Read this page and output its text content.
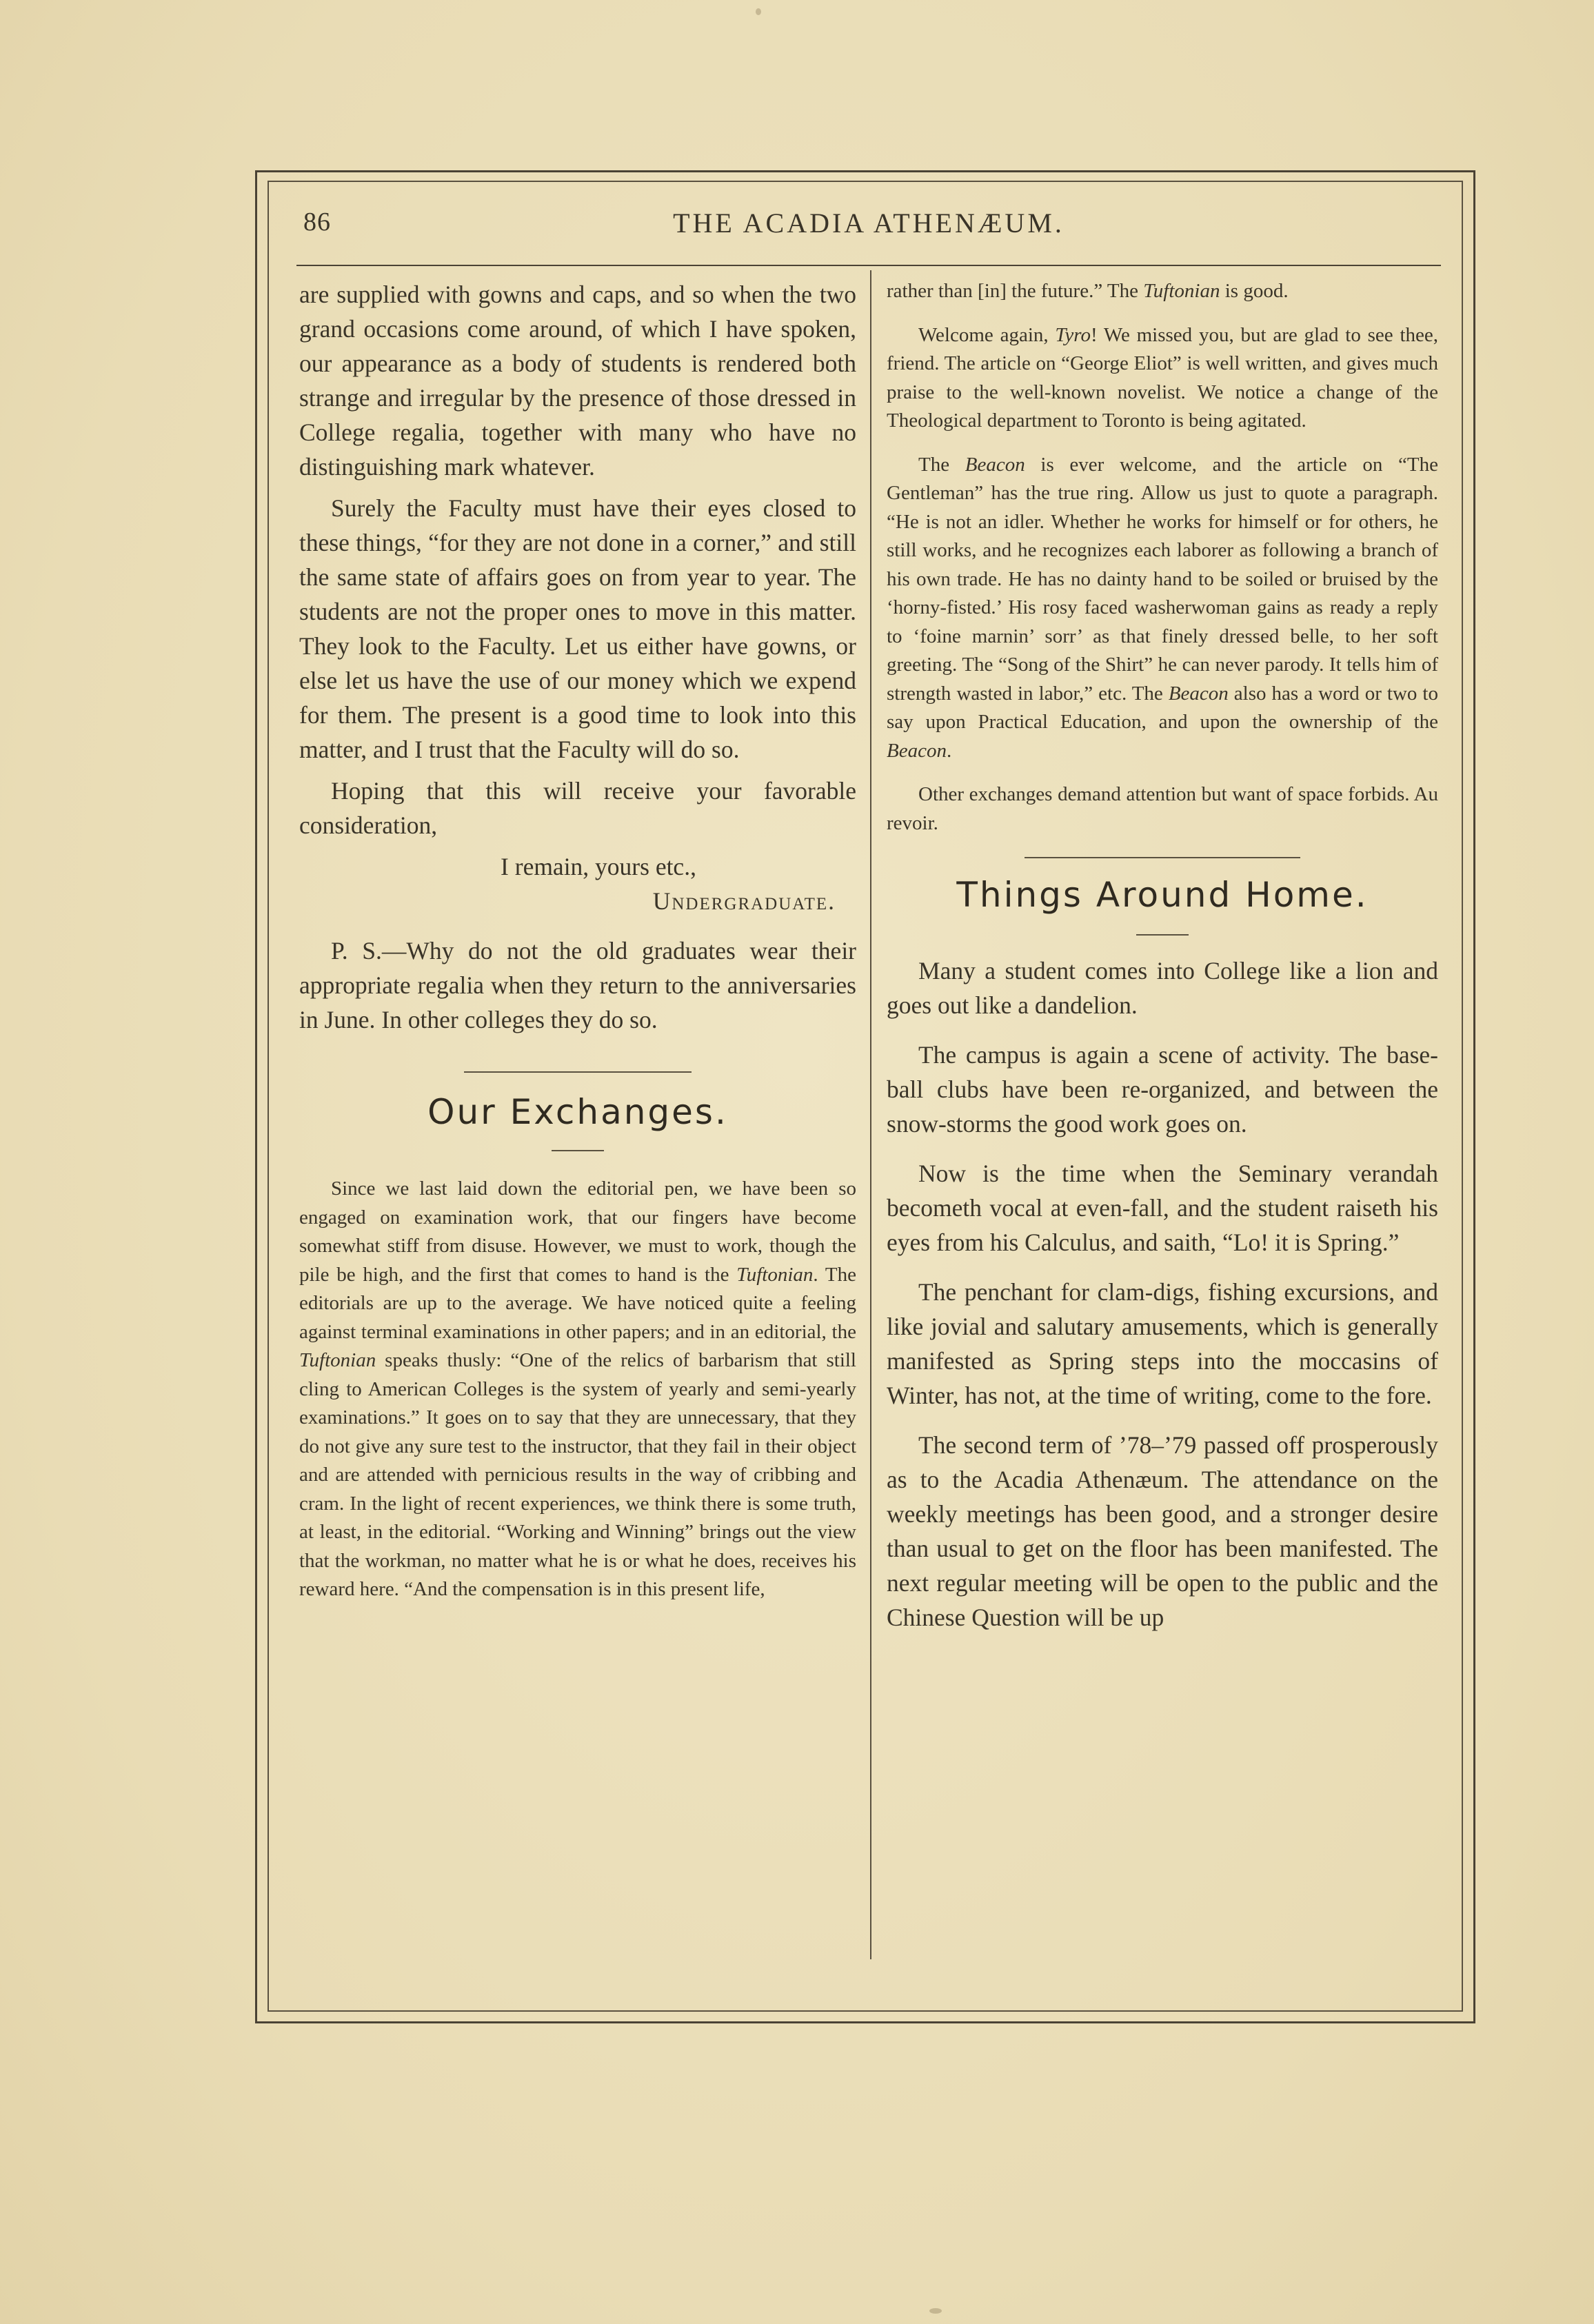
86	THE ACADIA ATHENÆUM.

are supplied with gowns and caps, and so when the two grand occasions come around, of which I have spoken, our appearance as a body of students is rendered both strange and irregular by the presence of those dressed in College regalia, together with many who have no distinguishing mark whatever.

Surely the Faculty must have their eyes closed to these things, “for they are not done in a corner,” and still the same state of affairs goes on from year to year. The students are not the proper ones to move in this matter. They look to the Faculty. Let us either have gowns, or else let us have the use of our money which we expend for them. The present is a good time to look into this matter, and I trust that the Faculty will do so.

Hoping that this will receive your favorable consideration,

I remain, yours etc.,

Undergraduate.

P. S.—Why do not the old graduates wear their appropriate regalia when they return to the anniversaries in June. In other colleges they do so.

Our Exchanges.

Since we last laid down the editorial pen, we have been so engaged on examination work, that our fingers have become somewhat stiff from disuse. However, we must to work, though the pile be high, and the first that comes to hand is the Tuftonian. The editorials are up to the average. We have noticed quite a feeling against terminal examinations in other papers; and in an editorial, the Tuftonian speaks thusly: “One of the relics of barbarism that still cling to American Colleges is the system of yearly and semi-yearly examinations.” It goes on to say that they are unnecessary, that they do not give any sure test to the instructor, that they fail in their object and are attended with pernicious results in the way of cribbing and cram. In the light of recent experiences, we think there is some truth, at least, in the editorial. “Working and Winning” brings out the view that the workman, no matter what he is or what he does, receives his reward here. “And the compensation is in this present life,

rather than [in] the future.” The Tuftonian is good.

Welcome again, Tyro! We missed you, but are glad to see thee, friend. The article on “George Eliot” is well written, and gives much praise to the well-known novelist. We notice a change of the Theological department to Toronto is being agitated.

The Beacon is ever welcome, and the article on “The Gentleman” has the true ring. Allow us just to quote a paragraph. “He is not an idler. Whether he works for himself or for others, he still works, and he recognizes each laborer as following a branch of his own trade. He has no dainty hand to be soiled or bruised by the ‘horny-fisted.’ His rosy faced washerwoman gains as ready a reply to ‘foine marnin’ sorr’ as that finely dressed belle, to her soft greeting. The “Song of the Shirt” he can never parody. It tells him of strength wasted in labor,” etc. The Beacon also has a word or two to say upon Practical Education, and upon the ownership of the Beacon.

Other exchanges demand attention but want of space forbids. Au revoir.

Things Around Home.

Many a student comes into College like a lion and goes out like a dandelion.

The campus is again a scene of activity. The base-ball clubs have been re-organized, and between the snow-storms the good work goes on.

Now is the time when the Seminary verandah becometh vocal at even-fall, and the student raiseth his eyes from his Calculus, and saith, “Lo! it is Spring.”

The penchant for clam-digs, fishing excursions, and like jovial and salutary amusements, which is generally manifested as Spring steps into the moccasins of Winter, has not, at the time of writing, come to the fore.

The second term of ’78–’79 passed off prosperously as to the Acadia Athenæum. The attendance on the weekly meetings has been good, and a stronger desire than usual to get on the floor has been manifested. The next regular meeting will be open to the public and the Chinese Question will be up
